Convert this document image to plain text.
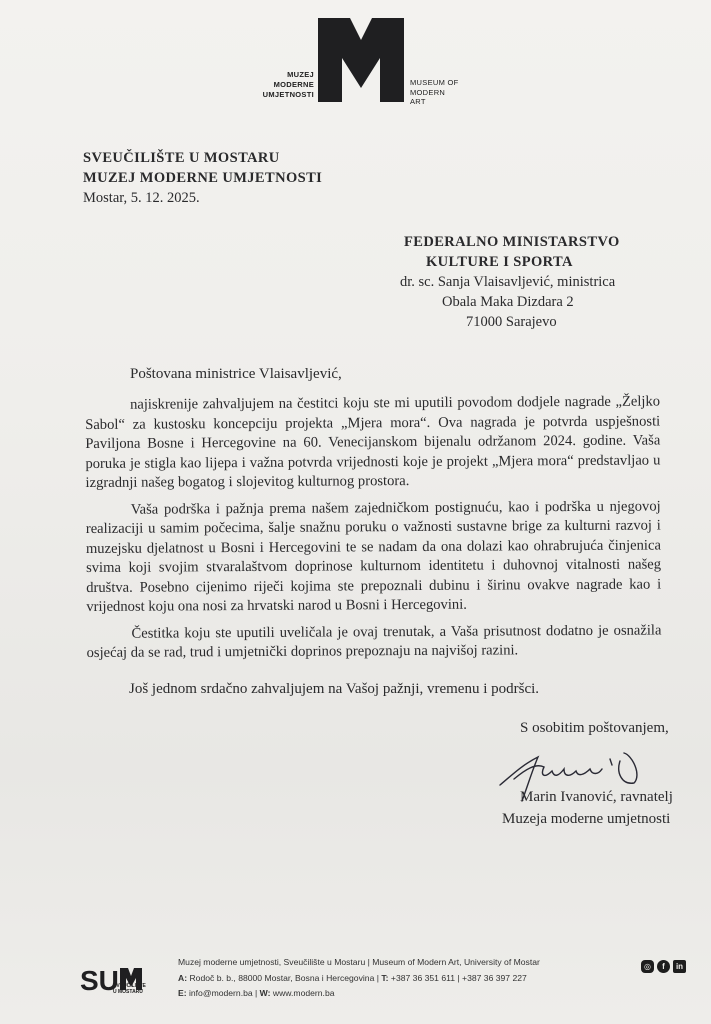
MUZEJ
MODERNE
UMJETNOSTI
MUSEUM OF
MODERN
ART
SVEUČILIŠTE U MOSTARU
MUZEJ MODERNE UMJETNOSTI
Mostar, 5. 12. 2025.
FEDERALNO MINISTARSTVO
KULTURE I SPORTA
dr. sc. Sanja Vlaisavljević, ministrica
Obala Maka Dizdara 2
71000 Sarajevo
Poštovana ministrice Vlaisavljević,

najiskrenije zahvaljujem na čestitci koju ste mi uputili povodom dodjele nagrade „Željko Sabol“ za kustosku koncepciju projekta „Mjera mora“. Ova nagrada je potvrda uspješnosti Paviljona Bosne i Hercegovine na 60. Venecijanskom bijenalu održanom 2024. godine. Vaša poruka je stigla kao lijepa i važna potvrda vrijednosti koje je projekt „Mjera mora“ predstavljao u izgradnji našeg bogatog i slojevitog kulturnog prostora.

Vaša podrška i pažnja prema našem zajedničkom postignuću, kao i podrška u njegovoj realizaciji u samim počecima, šalje snažnu poruku o važnosti sustavne brige za kulturni razvoj i muzejsku djelatnost u Bosni i Hercegovini te se nadam da ona dolazi kao ohrabrujuća činjenica svima koji svojim stvaralaštvom doprinose kulturnom identitetu i duhovnoj vitalnosti našeg društva. Posebno cijenimo riječi kojima ste prepoznali dubinu i širinu ovakve nagrade kao i vrijednost koju ona nosi za hrvatski narod u Bosni i Hercegovini.

Čestitka koju ste uputili uveličala je ovaj trenutak, a Vaša prisutnost dodatno je osnažila osjećaj da se rad, trud i umjetnički doprinos prepoznaju na najvišoj razini.

Još jednom srdačno zahvaljujem na Vašoj pažnji, vremenu i podršci.
S osobitim poštovanjem,
Marin Ivanović, ravnatelj
Muzeja moderne umjetnosti
SU
SVEUČILIŠTE
U MOSTARU
Muzej moderne umjetnosti, Sveučilište u Mostaru | Museum of Modern Art, University of Mostar
A: Rodoč b. b., 88000 Mostar, Bosna i Hercegovina | T: +387 36 351 611 | +387 36 397 227
E: info@modern.ba | W: www.modern.ba
◎	f	in
